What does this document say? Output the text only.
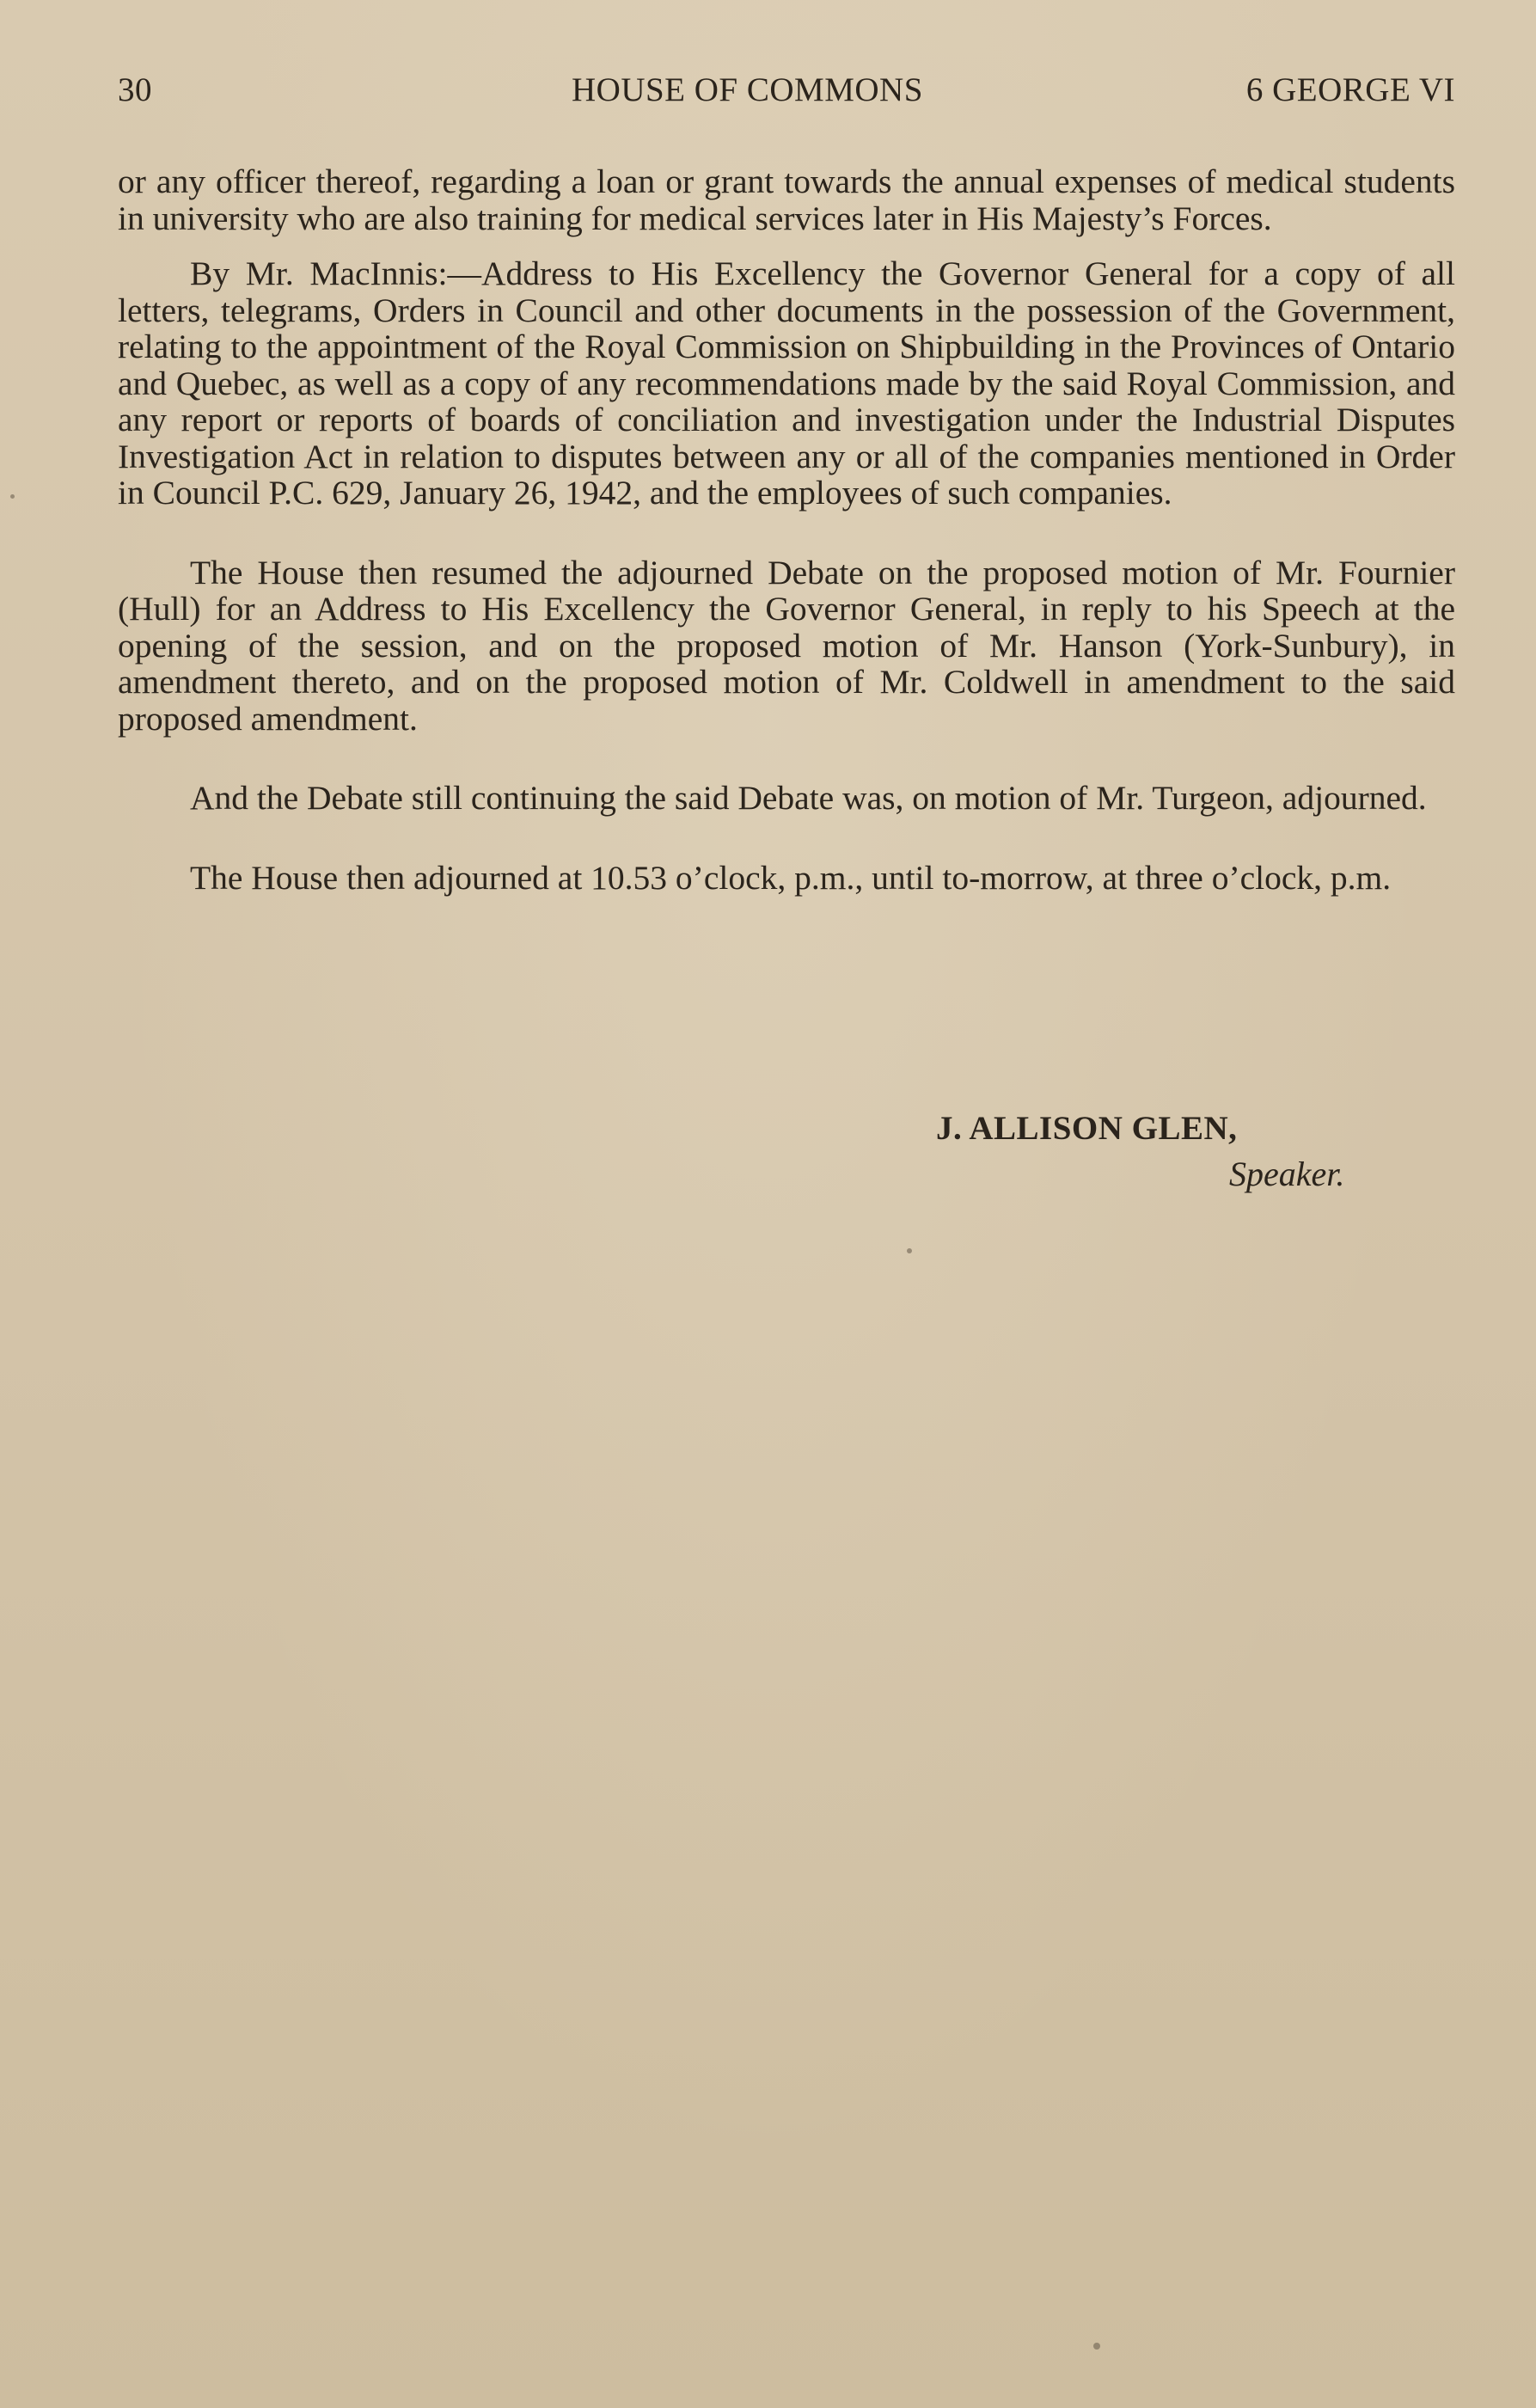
30	HOUSE OF COMMONS	6 GEORGE VI

or any officer thereof, regarding a loan or grant towards the annual expenses of medical students in university who are also training for medical services later in His Majesty’s Forces.

By Mr. MacInnis:—Address to His Excellency the Governor General for a copy of all letters, telegrams, Orders in Council and other documents in the possession of the Government, relating to the appointment of the Royal Commission on Shipbuilding in the Provinces of Ontario and Quebec, as well as a copy of any recommendations made by the said Royal Commission, and any report or reports of boards of conciliation and investigation under the Industrial Disputes Investigation Act in relation to disputes between any or all of the companies mentioned in Order in Council P.C. 629, January 26, 1942, and the employees of such companies.

The House then resumed the adjourned Debate on the proposed motion of Mr. Fournier (Hull) for an Address to His Excellency the Governor General, in reply to his Speech at the opening of the session, and on the proposed motion of Mr. Hanson (York-Sunbury), in amendment thereto, and on the proposed motion of Mr. Coldwell in amendment to the said proposed amendment.

And the Debate still continuing the said Debate was, on motion of Mr. Turgeon, adjourned.

The House then adjourned at 10.53 o’clock, p.m., until to-morrow, at three o’clock, p.m.

J. ALLISON GLEN,
Speaker.
